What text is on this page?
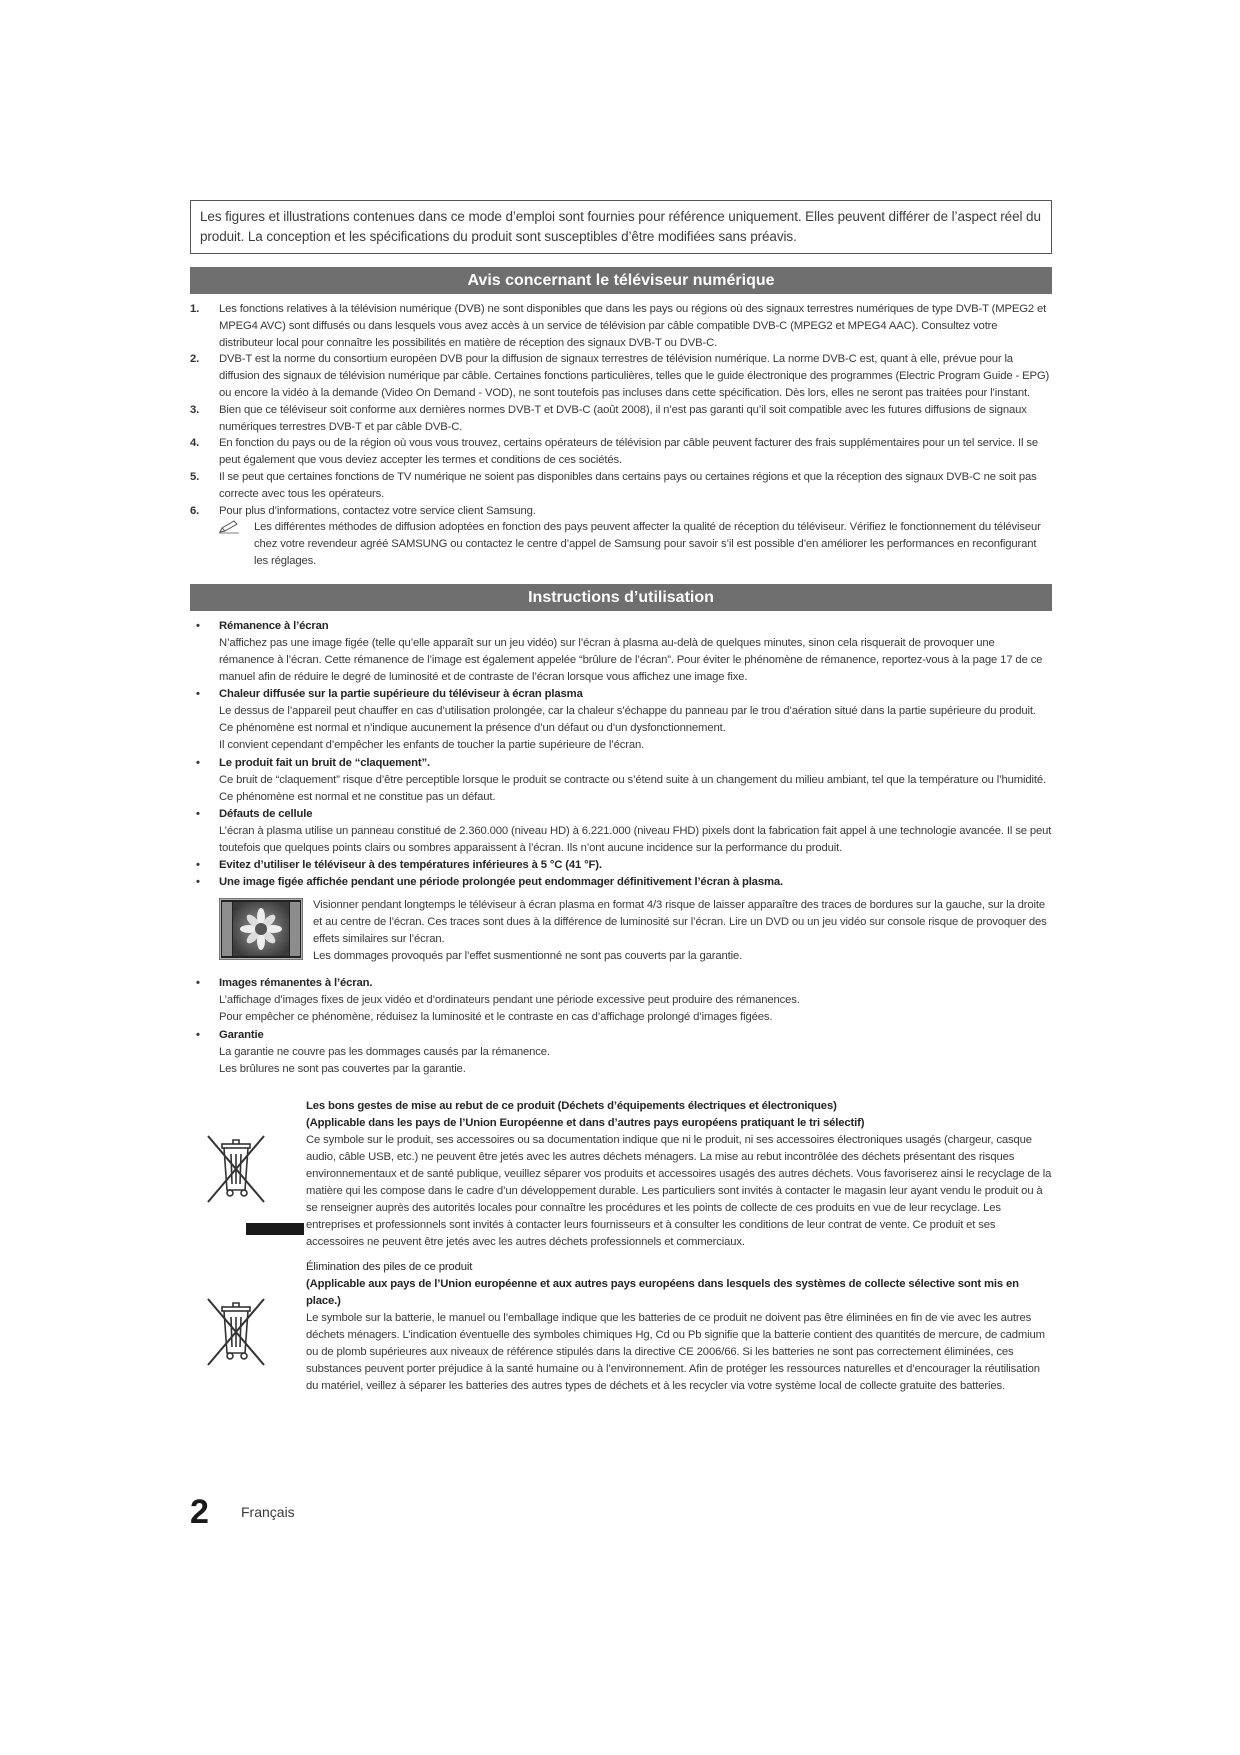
Les figures et illustrations contenues dans ce mode d’emploi sont fournies pour référence uniquement. Elles peuvent différer de l’aspect réel du produit. La conception et les spécifications du produit sont susceptibles d’être modifiées sans préavis.
Avis concernant le téléviseur numérique
1. Les fonctions relatives à la télévision numérique (DVB) ne sont disponibles que dans les pays ou régions où des signaux terrestres numériques de type DVB-T (MPEG2 et MPEG4 AVC) sont diffusés ou dans lesquels vous avez accès à un service de télévision par câble compatible DVB-C (MPEG2 et MPEG4 AAC). Consultez votre distributeur local pour connaître les possibilités en matière de réception des signaux DVB-T ou DVB-C.
2. DVB-T est la norme du consortium européen DVB pour la diffusion de signaux terrestres de télévision numérique. La norme DVB-C est, quant à elle, prévue pour la diffusion des signaux de télévision numérique par câble. Certaines fonctions particulières, telles que le guide électronique des programmes (Electric Program Guide - EPG) ou encore la vidéo à la demande (Video On Demand - VOD), ne sont toutefois pas incluses dans cette spécification. Dès lors, elles ne seront pas traitées pour l’instant.
3. Bien que ce téléviseur soit conforme aux dernières normes DVB-T et DVB-C (août 2008), il n’est pas garanti qu’il soit compatible avec les futures diffusions de signaux numériques terrestres DVB-T et par câble DVB-C.
4. En fonction du pays ou de la région où vous vous trouvez, certains opérateurs de télévision par câble peuvent facturer des frais supplémentaires pour un tel service. Il se peut également que vous deviez accepter les termes et conditions de ces sociétés.
5. Il se peut que certaines fonctions de TV numérique ne soient pas disponibles dans certains pays ou certaines régions et que la réception des signaux DVB-C ne soit pas correcte avec tous les opérateurs.
6. Pour plus d’informations, contactez votre service client Samsung.
Les différentes méthodes de diffusion adoptées en fonction des pays peuvent affecter la qualité de réception du téléviseur. Vérifiez le fonctionnement du téléviseur chez votre revendeur agréé SAMSUNG ou contactez le centre d’appel de Samsung pour savoir s’il est possible d’en améliorer les performances en reconfigurant les réglages.
Instructions d’utilisation
• Rémanence à l’écran
N’affichez pas une image figée (telle qu’elle apparaît sur un jeu vidéo) sur l’écran à plasma au-delà de quelques minutes, sinon cela risquerait de provoquer une rémanence à l’écran. Cette rémanence de l’image est également appelée “brûlure de l’écran”. Pour éviter le phénomène de rémanence, reportez-vous à la page 17 de ce manuel afin de réduire le degré de luminosité et de contraste de l’écran lorsque vous affichez une image fixe.
• Chaleur diffusée sur la partie supérieure du téléviseur à écran plasma
Le dessus de l’appareil peut chauffer en cas d’utilisation prolongée, car la chaleur s’échappe du panneau par le trou d’aération situé dans la partie supérieure du produit.
Ce phénomène est normal et n’indique aucunement la présence d’un défaut ou d’un dysfonctionnement.
Il convient cependant d’empêcher les enfants de toucher la partie supérieure de l’écran.
• Le produit fait un bruit de “claquement”.
Ce bruit de “claquement” risque d’être perceptible lorsque le produit se contracte ou s’étend suite à un changement du milieu ambiant, tel que la température ou l’humidité. Ce phénomène est normal et ne constitue pas un défaut.
• Défauts de cellule
L’écran à plasma utilise un panneau constitué de 2.360.000 (niveau HD) à 6.221.000 (niveau FHD) pixels dont la fabrication fait appel à une technologie avancée. Il se peut toutefois que quelques points clairs ou sombres apparaissent à l’écran. Ils n’ont aucune incidence sur la performance du produit.
• Evitez d’utiliser le téléviseur à des températures inférieures à 5 °C (41 °F).
• Une image figée affichée pendant une période prolongée peut endommager définitivement l’écran à plasma.
Visionner pendant longtemps le téléviseur à écran plasma en format 4/3 risque de laisser apparaître des traces de bordures sur la gauche, sur la droite et au centre de l’écran. Ces traces sont dues à la différence de luminosité sur l’écran. Lire un DVD ou un jeu vidéo sur console risque de provoquer des effets similaires sur l’écran.
Les dommages provoqués par l’effet susmentionné ne sont pas couverts par la garantie.
• Images rémanentes à l’écran.
L’affichage d’images fixes de jeux vidéo et d’ordinateurs pendant une période excessive peut produire des rémanences.
Pour empêcher ce phénomène, réduisez la luminosité et le contraste en cas d’affichage prolongé d’images figées.
• Garantie
La garantie ne couvre pas les dommages causés par la rémanence.
Les brûlures ne sont pas couvertes par la garantie.
Les bons gestes de mise au rebut de ce produit (Déchets d’équipements électriques et électroniques)
(Applicable dans les pays de l’Union Européenne et dans d’autres pays européens pratiquant le tri sélectif)
Ce symbole sur le produit, ses accessoires ou sa documentation indique que ni le produit, ni ses accessoires électroniques usagés (chargeur, casque audio, câble USB, etc.) ne peuvent être jetés avec les autres déchets ménagers. La mise au rebut incontrôlée des déchets présentant des risques environnementaux et de santé publique, veuillez séparer vos produits et accessoires usagés des autres déchets. Vous favoriserez ainsi le recyclage de la matière qui les compose dans le cadre d’un développement durable. Les particuliers sont invités à contacter le magasin leur ayant vendu le produit ou à se renseigner auprès des autorités locales pour connaître les procédures et les points de collecte de ces produits en vue de leur recyclage. Les entreprises et professionnels sont invités à contacter leurs fournisseurs et à consulter les conditions de leur contrat de vente. Ce produit et ses accessoires ne peuvent être jetés avec les autres déchets professionnels et commerciaux.
Élimination des piles de ce produit
(Applicable aux pays de l’Union européenne et aux autres pays européens dans lesquels des systèmes de collecte sélective sont mis en place.)
Le symbole sur la batterie, le manuel ou l’emballage indique que les batteries de ce produit ne doivent pas être éliminées en fin de vie avec les autres déchets ménagers. L’indication éventuelle des symboles chimiques Hg, Cd ou Pb signifie que la batterie contient des quantités de mercure, de cadmium ou de plomb supérieures aux niveaux de référence stipulés dans la directive CE 2006/66. Si les batteries ne sont pas correctement éliminées, ces substances peuvent porter préjudice à la santé humaine ou à l’environnement. Afin de protéger les ressources naturelles et d’encourager la réutilisation du matériel, veillez à séparer les batteries des autres types de déchets et à les recycler via votre système local de collecte gratuite des batteries.
2 Français
